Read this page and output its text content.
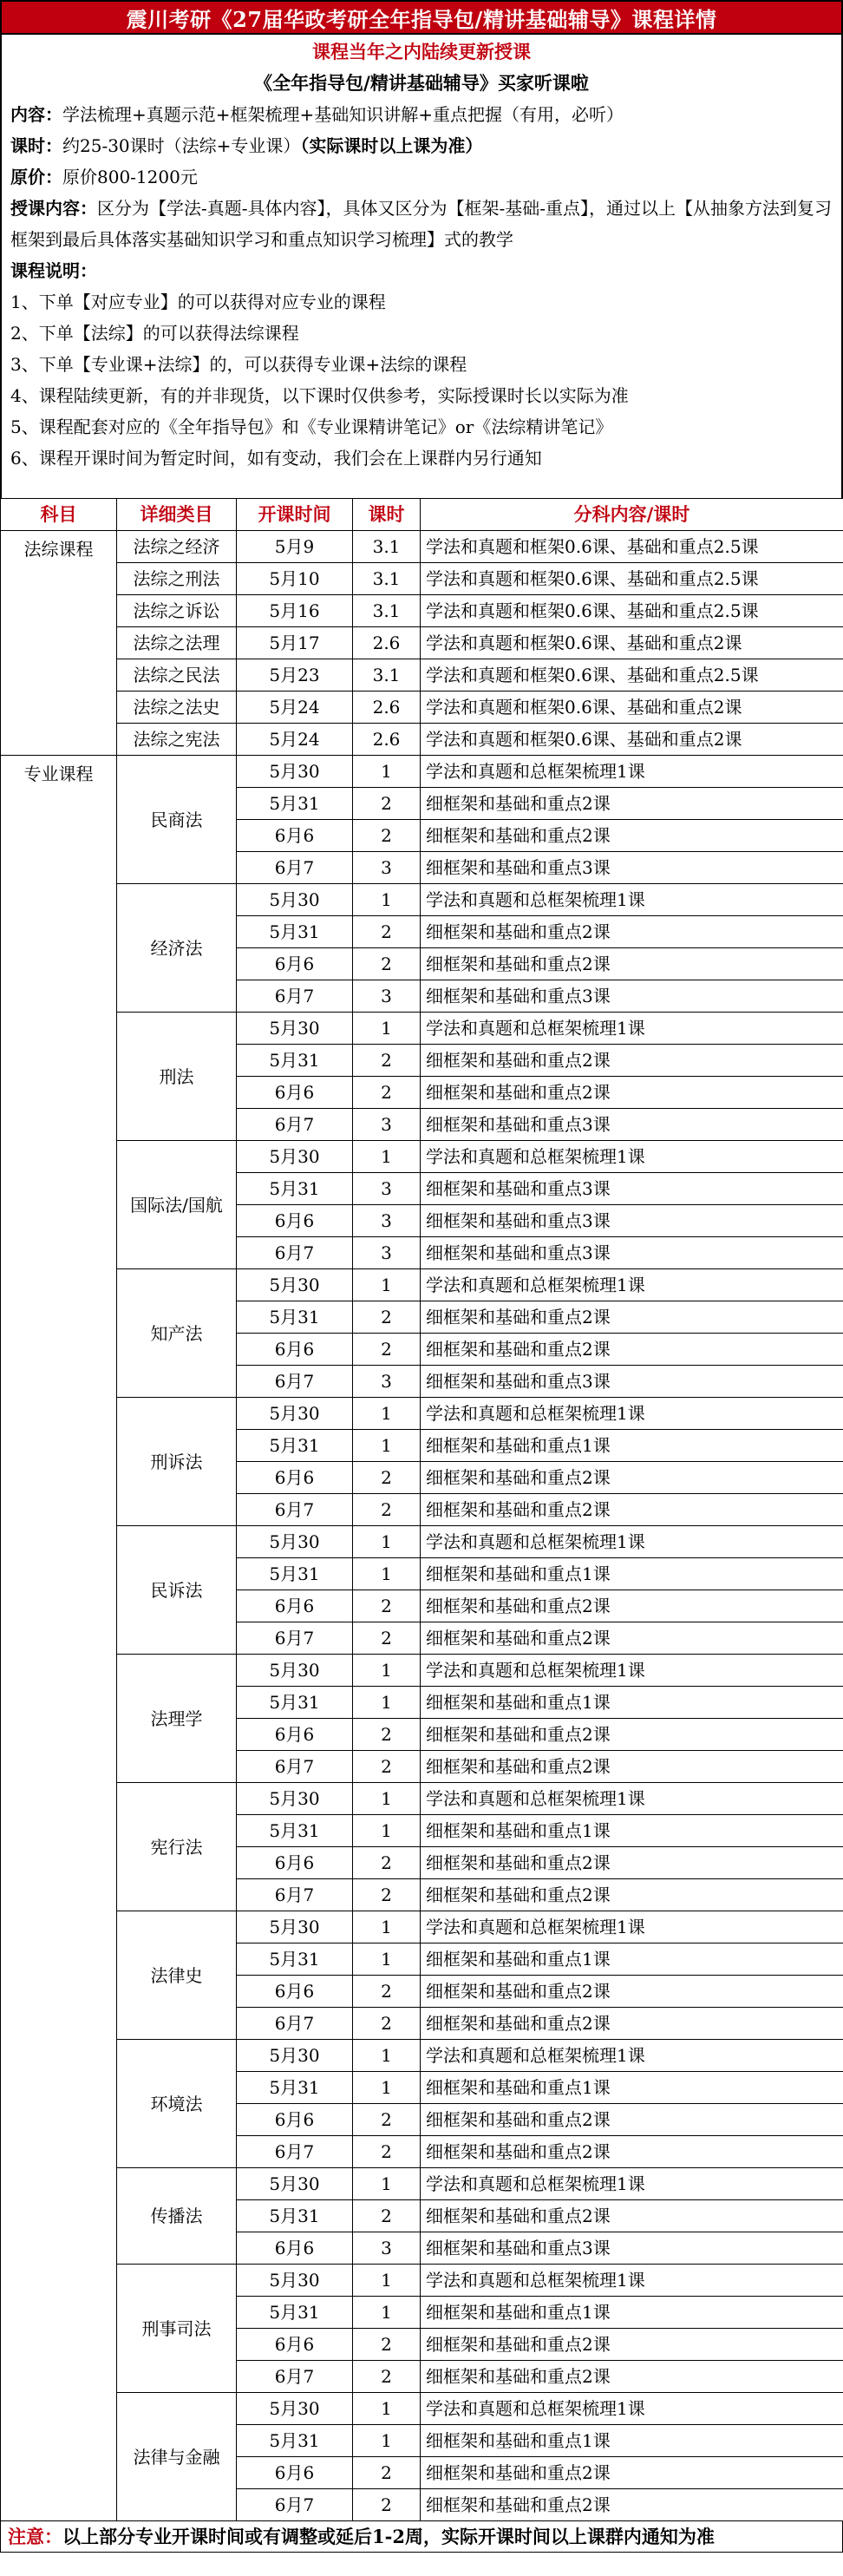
震川考研《27届华政考研全年指导包/精讲基础辅导》课程详情
课程当年之内陆续更新授课
《全年指导包/精讲基础辅导》买家听课啦
内容：学法梳理+真题示范+框架梳理+基础知识讲解+重点把握（有用，必听）
课时：约25-30课时（法综+专业课）（实际课时以上课为准）
原价：原价800-1200元
授课内容：区分为【学法-真题-具体内容】，具体又区分为【框架-基础-重点】，通过以上【从抽象方法到复习框架到最后具体落实基础知识学习和重点知识学习梳理】式的教学
课程说明：
1、下单【对应专业】的可以获得对应专业的课程
2、下单【法综】的可以获得法综课程
3、下单【专业课+法综】的，可以获得专业课+法综的课程
4、课程陆续更新，有的并非现货，以下课时仅供参考，实际授课时长以实际为准
5、课程配套对应的《全年指导包》和《专业课精讲笔记》or《法综精讲笔记》
6、课程开课时间为暂定时间，如有变动，我们会在上课群内另行通知
科目	详细类目	开课时间	课时	分科内容/课时
法综课程	法综之经济	5月9	3.1	学法和真题和框架0.6课、基础和重点2.5课
	法综之刑法	5月10	3.1	学法和真题和框架0.6课、基础和重点2.5课
	法综之诉讼	5月16	3.1	学法和真题和框架0.6课、基础和重点2.5课
	法综之法理	5月17	2.6	学法和真题和框架0.6课、基础和重点2课
	法综之民法	5月23	3.1	学法和真题和框架0.6课、基础和重点2.5课
	法综之法史	5月24	2.6	学法和真题和框架0.6课、基础和重点2课
	法综之宪法	5月24	2.6	学法和真题和框架0.6课、基础和重点2课
专业课程	民商法	5月30	1	学法和真题和总框架梳理1课
		5月31	2	细框架和基础和重点2课
		6月6	2	细框架和基础和重点2课
		6月7	3	细框架和基础和重点3课
	经济法	5月30	1	学法和真题和总框架梳理1课
		5月31	2	细框架和基础和重点2课
		6月6	2	细框架和基础和重点2课
		6月7	3	细框架和基础和重点3课
	刑法	5月30	1	学法和真题和总框架梳理1课
		5月31	2	细框架和基础和重点2课
		6月6	2	细框架和基础和重点2课
		6月7	3	细框架和基础和重点3课
	国际法/国航	5月30	1	学法和真题和总框架梳理1课
		5月31	3	细框架和基础和重点3课
		6月6	3	细框架和基础和重点3课
		6月7	3	细框架和基础和重点3课
	知产法	5月30	1	学法和真题和总框架梳理1课
		5月31	2	细框架和基础和重点2课
		6月6	2	细框架和基础和重点2课
		6月7	3	细框架和基础和重点3课
	刑诉法	5月30	1	学法和真题和总框架梳理1课
		5月31	1	细框架和基础和重点1课
		6月6	2	细框架和基础和重点2课
		6月7	2	细框架和基础和重点2课
	民诉法	5月30	1	学法和真题和总框架梳理1课
		5月31	1	细框架和基础和重点1课
		6月6	2	细框架和基础和重点2课
		6月7	2	细框架和基础和重点2课
	法理学	5月30	1	学法和真题和总框架梳理1课
		5月31	1	细框架和基础和重点1课
		6月6	2	细框架和基础和重点2课
		6月7	2	细框架和基础和重点2课
	宪行法	5月30	1	学法和真题和总框架梳理1课
		5月31	1	细框架和基础和重点1课
		6月6	2	细框架和基础和重点2课
		6月7	2	细框架和基础和重点2课
	法律史	5月30	1	学法和真题和总框架梳理1课
		5月31	1	细框架和基础和重点1课
		6月6	2	细框架和基础和重点2课
		6月7	2	细框架和基础和重点2课
	环境法	5月30	1	学法和真题和总框架梳理1课
		5月31	1	细框架和基础和重点1课
		6月6	2	细框架和基础和重点2课
		6月7	2	细框架和基础和重点2课
	传播法	5月30	1	学法和真题和总框架梳理1课
		5月31	2	细框架和基础和重点2课
		6月6	3	细框架和基础和重点3课
	刑事司法	5月30	1	学法和真题和总框架梳理1课
		5月31	1	细框架和基础和重点1课
		6月6	2	细框架和基础和重点2课
		6月7	2	细框架和基础和重点2课
	法律与金融	5月30	1	学法和真题和总框架梳理1课
		5月31	1	细框架和基础和重点1课
		6月6	2	细框架和基础和重点2课
		6月7	2	细框架和基础和重点2课
注意：以上部分专业开课时间或有调整或延后1-2周，实际开课时间以上课群内通知为准
